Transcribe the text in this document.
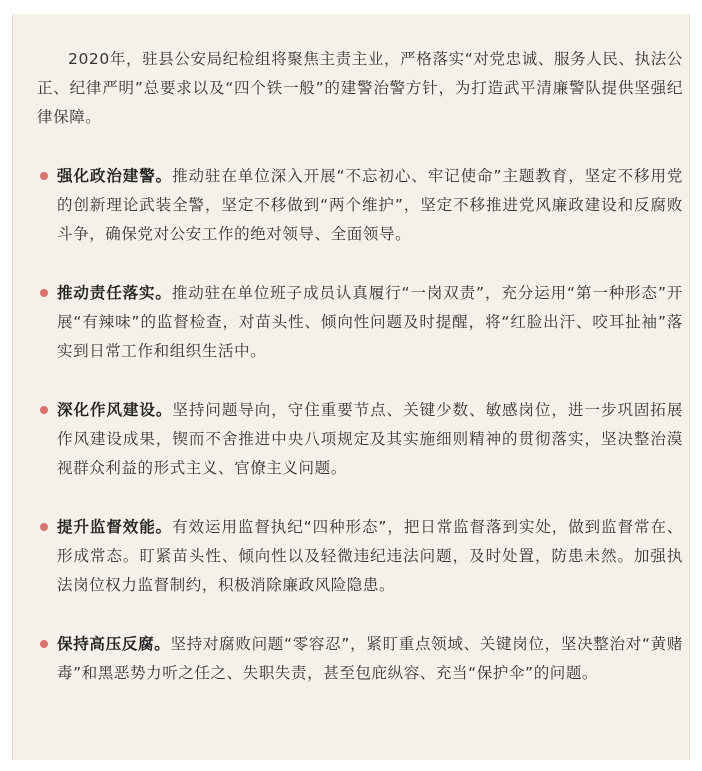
2020年，驻县公安局纪检组将聚焦主责主业，严格落实“对党忠诚、服务人民、执法公正、纪律严明”总要求以及“四个铁一般”的建警治警方针，为打造武平清廉警队提供坚强纪律保障。

强化政治建警。推动驻在单位深入开展“不忘初心、牢记使命”主题教育，坚定不移用党的创新理论武装全警，坚定不移做到“两个维护”，坚定不移推进党风廉政建设和反腐败斗争，确保党对公安工作的绝对领导、全面领导。

推动责任落实。推动驻在单位班子成员认真履行“一岗双责”，充分运用“第一种形态”开展“有辣味”的监督检查，对苗头性、倾向性问题及时提醒，将“红脸出汗、咬耳扯袖”落实到日常工作和组织生活中。

深化作风建设。坚持问题导向，守住重要节点、关键少数、敏感岗位，进一步巩固拓展作风建设成果，锲而不舍推进中央八项规定及其实施细则精神的贯彻落实，坚决整治漠视群众利益的形式主义、官僚主义问题。

提升监督效能。有效运用监督执纪“四种形态”，把日常监督落到实处，做到监督常在、形成常态。盯紧苗头性、倾向性以及轻微违纪违法问题，及时处置，防患未然。加强执法岗位权力监督制约，积极消除廉政风险隐患。

保持高压反腐。坚持对腐败问题“零容忍”，紧盯重点领域、关键岗位，坚决整治对“黄赌毒”和黑恶势力听之任之、失职失责，甚至包庇纵容、充当“保护伞”的问题。
